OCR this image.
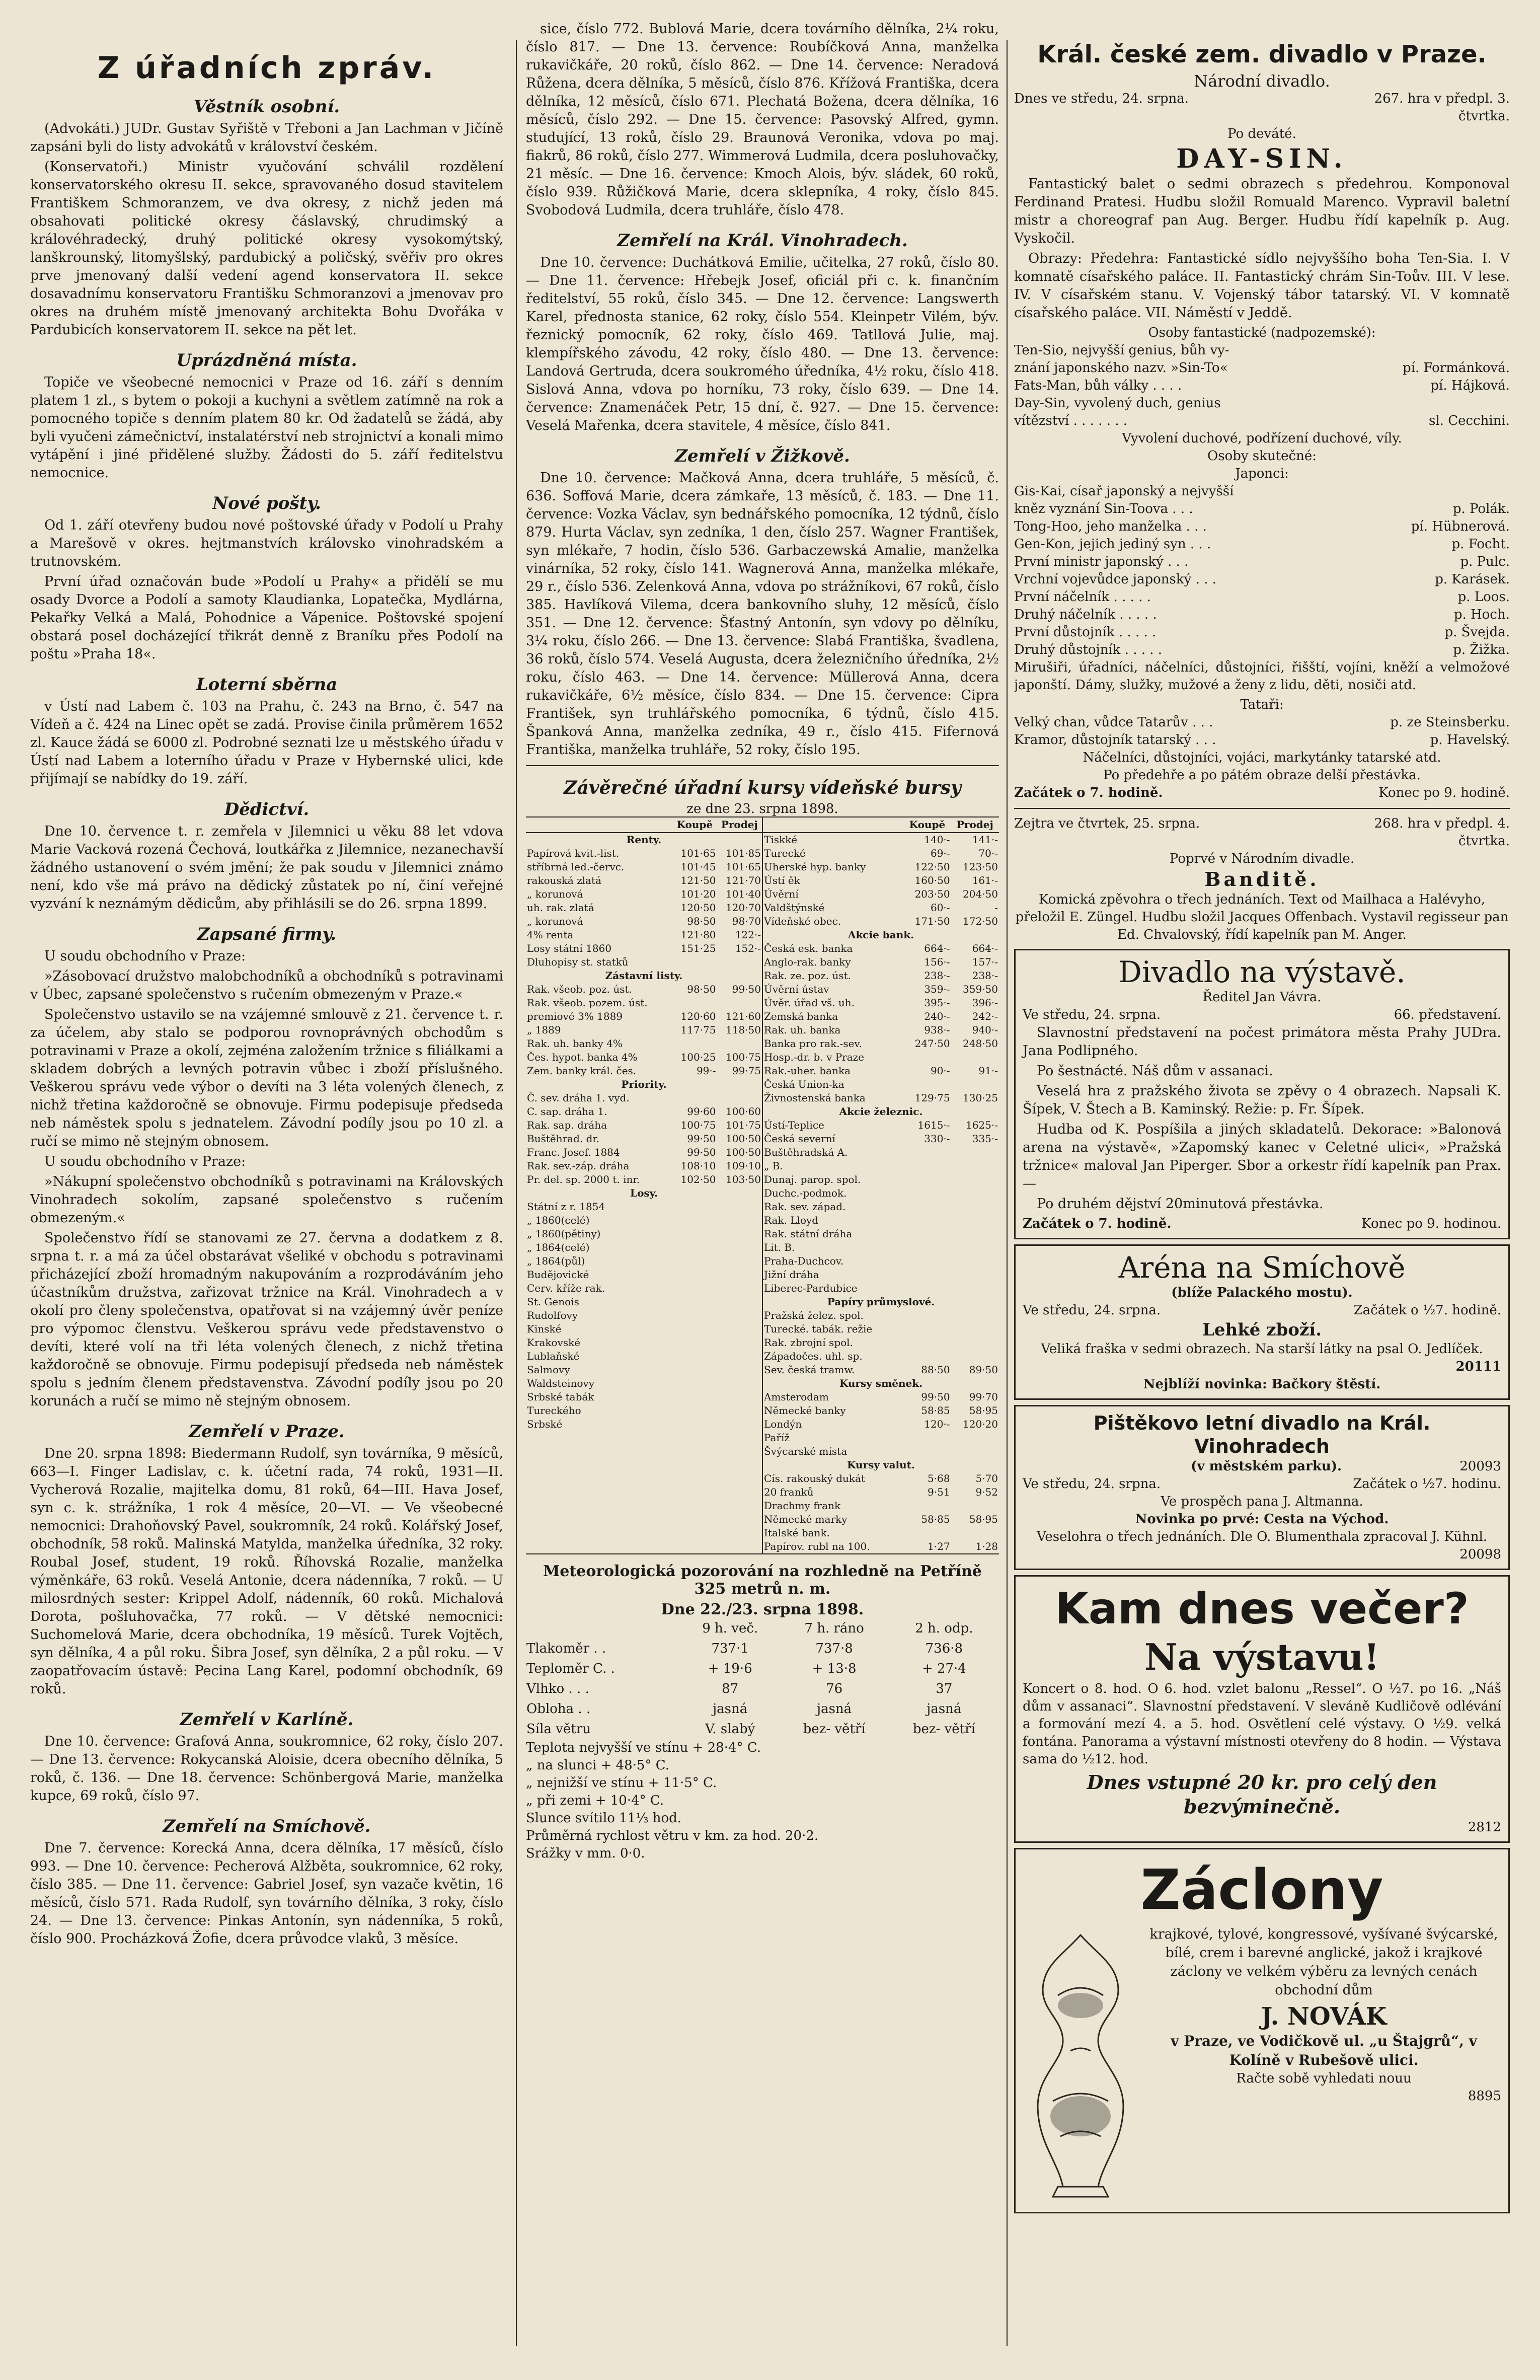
Z úřadních zpráv.
Věstník osobní.

(Advokáti.) JUDr. Gustav Syřiště v Třeboni a Jan Lachman v Jičíně zapsáni byli do listy advokátů v království českém.

(Konservatoři.) Ministr vyučování schválil rozdělení konservatorského okresu II. sekce, spravovaného dosud stavitelem Františkem Schmoranzem, ve dva okresy, z nichž jeden má obsahovati politické okresy čáslavský, chrudimský a královéhradecký, druhý politické okresy vysokomýtský, lanškrounský, litomyšlský, pardubický a poličský, svěřiv pro okres prve jmenovaný další vedení agend konservatora II. sekce dosavadnímu konservatoru Františku Schmoranzovi a jmenovav pro okres na druhém místě jmenovaný architekta Bohu Dvořáka v Pardubicích konservatorem II. sekce na pět let.

Uprázdněná místa.

Topiče ve všeobecné nemocnici v Praze od 16. září s denním platem 1 zl., s bytem o pokoji a kuchyni a světlem zatímně na rok a pomocného topiče s denním platem 80 kr. Od žadatelů se žádá, aby byli vyučeni zámečnictví, instalatérství neb strojnictví a konali mimo vytápění i jiné přidělené služby. Žádosti do 5. září ředitelstvu nemocnice.

Nové pošty.

Od 1. září otevřeny budou nové poštovské úřady v Podolí u Prahy a Marešově v okres. hejtmanstvích královsko vinohradském a trutnovském.

První úřad označován bude »Podolí u Prahy« a přidělí se mu osady Dvorce a Podolí a samoty Klaudianka, Lopatečka, Mydlárna, Pekařky Velká a Malá, Pohodnice a Vápenice. Poštovské spojení obstará posel docházející třikrát denně z Braníku přes Podolí na poštu »Praha 18«.

Loterní sběrna

v Ústí nad Labem č. 103 na Prahu, č. 243 na Brno, č. 547 na Vídeň a č. 424 na Linec opět se zadá. Provise činila průměrem 1652 zl. Kauce žádá se 6000 zl. Podrobné seznati lze u městského úřadu v Ústí nad Labem a loterního úřadu v Praze v Hybernské ulici, kde přijímají se nabídky do 19. září.

Dědictví.

Dne 10. července t. r. zemřela v Jilemnici u věku 88 let vdova Marie Vacková rozená Čechová, loutkářka z Jilemnice, nezanechavší žádného ustanovení o svém jmění; že pak soudu v Jilemnici známo není, kdo vše má právo na dědický zůstatek po ní, činí veřejné vyzvání k neznámým dědicům, aby přihlásili se do 26. srpna 1899.

Zapsané firmy.

U soudu obchodního v Praze:

»Zásobovací družstvo malobchodníků a obchodníků s potravinami v Úbec, zapsané společenstvo s ručením obmezeným v Praze.«

Společenstvo ustavilo se na vzájemné smlouvě z 21. července t. r. za účelem, aby stalo se podporou rovnoprávných obchodům s potravinami v Praze a okolí, zejména založením tržnice s filiálkami a skladem dobrých a levných potravin vůbec i zboží příslušného. Veškerou správu vede výbor o devíti na 3 léta volených členech, z nichž třetina každoročně se obnovuje. Firmu podepisuje předseda neb náměstek spolu s jednatelem. Závodní podíly jsou po 10 zl. a ručí se mimo ně stejným obnosem.

U soudu obchodního v Praze:

»Nákupní společenstvo obchodníků s potravinami na Královských Vinohradech sokolím, zapsané společenstvo s ručením obmezeným.«

Společenstvo řídí se stanovami ze 27. června a dodatkem z 8. srpna t. r. a má za účel obstarávat všeliké v obchodu s potravinami přicházející zboží hromadným nakupováním a rozprodáváním jeho účastníkům družstva, zařizovat tržnice na Král. Vinohradech a v okolí pro členy společenstva, opatřovat si na vzájemný úvěr peníze pro výpomoc členstvu. Veškerou správu vede představenstvo o devíti, které volí na tři léta volených členech, z nichž třetina každoročně se obnovuje. Firmu podepisují předseda neb náměstek spolu s jedním členem představenstva. Závodní podíly jsou po 20 korunách a ručí se mimo ně stejným obnosem.

Zemřelí v Praze.

Dne 20. srpna 1898: Biedermann Rudolf, syn továrníka, 9 měsíců, 663—I. Finger Ladislav, c. k. účetní rada, 74 roků, 1931—II. Vycherová Rozalie, majitelka domu, 81 roků, 64—III. Hava Josef, syn c. k. strážníka, 1 rok 4 měsíce, 20—VI. — Ve všeobecné nemocnici: Drahoňovský Pavel, soukromník, 24 roků. Kolářský Josef, obchodník, 58 roků. Malinská Matylda, manželka úředníka, 32 roky. Roubal Josef, student, 19 roků. Říhovská Rozalie, manželka výměnkáře, 63 roků. Veselá Antonie, dcera nádenníka, 7 roků. — U milosrdných sester: Krippel Adolf, nádenník, 60 roků. Michalová Dorota, pošluhovačka, 77 roků. — V dětské nemocnici: Suchomelová Marie, dcera obchodníka, 19 měsíců. Turek Vojtěch, syn dělníka, 4 a půl roku. Šibra Josef, syn dělníka, 2 a půl roku. — V zaopatřovacím ústavě: Pecina Lang Karel, podomní obchodník, 69 roků.

Zemřelí v Karlíně.

Dne 10. července: Grafová Anna, soukromnice, 62 roky, číslo 207. — Dne 13. července: Rokycanská Aloisie, dcera obecního dělníka, 5 roků, č. 136. — Dne 18. července: Schönbergová Marie, manželka kupce, 69 roků, číslo 97.

Zemřelí na Smíchově.

Dne 7. července: Korecká Anna, dcera dělníka, 17 měsíců, číslo 993. — Dne 10. července: Pecherová Alžběta, soukromnice, 62 roky, číslo 385. — Dne 11. července: Gabriel Josef, syn vazače květin, 16 měsíců, číslo 571. Rada Rudolf, syn továrního dělníka, 3 roky, číslo 24. — Dne 13. července: Pinkas Antonín, syn nádenníka, 5 roků, číslo 900. Procházková Žofie, dcera průvodce vlaků, 3 měsíce.

sice, číslo 772. Bublová Marie, dcera továrního dělníka, 2¼ roku, číslo 817. — Dne 13. července: Roubíčková Anna, manželka rukavičkáře, 20 roků, číslo 862. — Dne 14. července: Neradová Růžena, dcera dělníka, 5 měsíců, číslo 876. Křížová Františka, dcera dělníka, 12 měsíců, číslo 671. Plechatá Božena, dcera dělníka, 16 měsíců, číslo 292. — Dne 15. července: Pasovský Alfred, gymn. studující, 13 roků, číslo 29. Braunová Veronika, vdova po maj. fiakrů, 86 roků, číslo 277. Wimmerová Ludmila, dcera posluhovačky, 21 měsíc. — Dne 16. července: Kmoch Alois, býv. sládek, 60 roků, číslo 939. Růžičková Marie, dcera sklepníka, 4 roky, číslo 845. Svobodová Ludmila, dcera truhláře, číslo 478.

Zemřelí na Král. Vinohradech.

Dne 10. července: Duchátková Emilie, učitelka, 27 roků, číslo 80. — Dne 11. července: Hřebejk Josef, oficiál při c. k. finančním ředitelství, 55 roků, číslo 345. — Dne 12. července: Langswerth Karel, přednosta stanice, 62 roky, číslo 554. Kleinpetr Vilém, býv. řeznický pomocník, 62 roky, číslo 469. Tatllová Julie, maj. klempířského závodu, 42 roky, číslo 480. — Dne 13. července: Landová Gertruda, dcera soukromého úředníka, 4½ roku, číslo 418. Sislová Anna, vdova po horníku, 73 roky, číslo 639. — Dne 14. července: Znamenáček Petr, 15 dní, č. 927. — Dne 15. července: Veselá Mařenka, dcera stavitele, 4 měsíce, číslo 841.

Zemřelí v Žižkově.

Dne 10. července: Mačková Anna, dcera truhláře, 5 měsíců, č. 636. Soffová Marie, dcera zámkaře, 13 měsíců, č. 183. — Dne 11. července: Vozka Václav, syn bednářského pomocníka, 12 týdnů, číslo 879. Hurta Václav, syn zedníka, 1 den, číslo 257. Wagner František, syn mlékaře, 7 hodin, číslo 536. Garbaczewská Amalie, manželka vinárníka, 52 roky, číslo 141. Wagnerová Anna, manželka mlékaře, 29 r., číslo 536. Zelenková Anna, vdova po strážníkovi, 67 roků, číslo 385. Havlíková Vilema, dcera bankovního sluhy, 12 měsíců, číslo 351. — Dne 12. července: Šťastný Antonín, syn vdovy po dělníku, 3¼ roku, číslo 266. — Dne 13. července: Slabá Františka, švadlena, 36 roků, číslo 574. Veselá Augusta, dcera železničního úředníka, 2½ roku, číslo 463. — Dne 14. července: Müllerová Anna, dcera rukavičkáře, 6½ měsíce, číslo 834. — Dne 15. července: Cipra František, syn truhlářského pomocníka, 6 týdnů, číslo 415. Španková Anna, manželka zedníka, 49 r., číslo 415. Fifernová Františka, manželka truhláře, 52 roky, číslo 195.

Závěrečné úřadní kursy vídeňské bursy
ze dne 23. srpna 1898.
	Koupě	Prodej
Renty.		
Papírová kvit.-list.	101·65	101·85
stříbrná led.-červc.	101·45	101·65
rakouská zlatá	121·50	121·70
„ korunová	101·20	101·40
uh. rak. zlatá	120·50	120·70
„ korunová	98·50	98·70
4% renta	121·80	122·-
Losy státní 1860	151·25	152·-
Dluhopisy st. statků		
Zástavní listy.		
Rak. všeob. poz. úst.	98·50	99·50
Rak. všeob. pozem. úst.		
premiové 3% 1889	120·60	121·60
„ 1889	117·75	118·50
Rak. uh. banky 4%		
Čes. hypot. banka 4%	100·25	100·75
Zem. banky král. čes.	99·-	99·75
Priority.		
Č. sev. dráha 1. vyd.		
C. sap. dráha 1.	99·60	100·60
Rak. sap. dráha	100·75	101·75
Buštěhrad. dr.	99·50	100·50
Franc. Josef. 1884	99·50	100·50
Rak. sev.-záp. dráha	108·10	109·10
Pr. del. sp. 2000 t. inr.	102·50	103·50
Losy.		
Státní z r. 1854		
„ 1860(celé)		
„ 1860(pětiny)		
„ 1864(celé)		
„ 1864(půl)		
Budějovické		
Cerv. kříže rak.		
St. Genois		
Rudolfovy		
Kinské		
Krakovské		
Lublaňské		
Salmovy		
Waldsteinovy		
Srbské tabák		
Tureckého		
Srbské		
	Koupě	Prodej
Tiskké	140·-	141·-
Turecké	69·-	70·-
Uherské hyp. banky	122·50	123·50
Ústí ěk	160·50	161·-
Úvěrní	203·50	204·50
Valdštýnské	60·-	-
Vídeňské obec.	171·50	172·50
Akcie bank.		
Česká esk. banka	664·-	664·-
Anglo-rak. banky	156·-	157·-
Rak. ze. poz. úst.	238·-	238·-
Úvěrní ústav	359·-	359·50
Úvěr. úřad vš. uh.	395·-	396·-
Zemská banka	240·-	242·-
Rak. uh. banka	938·-	940·-
Banka pro rak.-sev.	247·50	248·50
Hosp.-dr. b. v Praze		
Rak.-uher. banka	90·-	91·-
Česká Union-ka		
Živnostenská banka	129·75	130·25
Akcie železnic.		
Ústí-Teplice	1615·-	1625·-
Česká severní	330·-	335·-
Buštěhradská A.		
„ B.		
Dunaj. parop. spol.		
Duchc.-podmok.		
Rak. sev. západ.		
Rak. Lloyd		
Rak. státní dráha		
Lit. B.		
Praha-Duchcov.		
Jižní dráha		
Liberec-Pardubice		
Papíry průmyslové.		
Pražská želez. spol.		
Turecké. tabák. režie		
Rak. zbrojní spol.		
Západočes. uhl. sp.		
Sev. česká tramw.	88·50	89·50
Kursy směnek.		
Amsterodam	99·50	99·70
Německé banky	58·85	58·95
Londýn	120·-	120·20
Paříž		
Švýcarské místa		
Kursy valut.		
Cís. rakouský dukát	5·68	5·70
20 franků	9·51	9·52
Drachmy frank		
Německé marky	58·85	58·95
Italské bank.		
Papírov. rubl na 100.	1·27	1·28
Meteorologická pozorování na rozhledně na Petříně 325 metrů n. m.
Dne 22./23. srpna 1898.
	9 h. več.	7 h. ráno	2 h. odp.
Tlakoměr . .	737·1	737·8	736·8
Teploměr C. .	+ 19·6	+ 13·8	+ 27·4
Vlhko . . .	87	76	37
Obloha . .	jasná	jasná	jasná
Síla větru	V. slabý	bez- větří	bez- větří
Teplota nejvyšší ve stínu + 28·4° C.
„ na slunci + 48·5° C.
„ nejnižší ve stínu + 11·5° C.
„ při zemi + 10·4° C.
Slunce svítilo 11⅓ hod.
Průměrná rychlost větru v km. za hod. 20·2.
Srážky v mm. 0·0.
Král. české zem. divadlo v Praze.
Národní divadlo.
Dnes ve středu, 24. srpna.	267. hra v předpl. 3. čtvrtka.
Po deváté.
DAY-SIN.

Fantastický balet o sedmi obrazech s předehrou. Komponoval Ferdinand Pratesi. Hudbu složil Romuald Marenco. Vypravil baletní mistr a choreograf pan Aug. Berger. Hudbu řídí kapelník p. Aug. Vyskočil.

Obrazy: Předehra: Fantastické sídlo nejvyššího boha Ten-Sia. I. V komnatě císařského paláce. II. Fantastický chrám Sin-Toův. III. V lese. IV. V císařském stanu. V. Vojenský tábor tatarský. VI. V komnatě císařského paláce. VII. Náměstí v Jeddě.

Osoby fantastické (nadpozemské):
Ten-Sio, nejvyšší genius, bůh vy-
znání japonského nazv. »Sin-To«	pí. Formánková.
Fats-Man, bůh války . . . .	pí. Hájková.
Day-Sin, vyvolený duch, genius
vítězství . . . . . . .	sl. Cecchini.
Vyvolení duchové, podřízení duchové, víly.
Osoby skutečné:
Japonci:
Gis-Kai, císař japonský a nejvyšší
kněz vyznání Sin-Toova . . .	p. Polák.
Tong-Hoo, jeho manželka . . .	pí. Hübnerová.
Gen-Kon, jejich jediný syn . . .	p. Focht.
První ministr japonský . . .	p. Pulc.
Vrchní vojevůdce japonský . . .	p. Karásek.
První náčelník . . . . .	p. Loos.
Druhý náčelník . . . . .	p. Hoch.
První důstojník . . . . .	p. Švejda.
Druhý důstojník . . . . .	p. Žižka.

Mirušiři, úřadníci, náčelníci, důstojníci, řišští, vojíni, kněží a velmožové japonští. Dámy, služky, mužové a ženy z lidu, děti, nosiči atd.

Tataři:
Velký chan, vůdce Tatarův . . .	p. ze Steinsberku.
Kramor, důstojník tatarský . . .	p. Havelský.
Náčelníci, důstojníci, vojáci, markytánky tatarské atd.
Po předehře a po pátém obraze delší přestávka.
Začátek o 7. hodině.	Konec po 9. hodině.
Zejtra ve čtvrtek, 25. srpna.	268. hra v předpl. 4. čtvrtka.
Poprvé v Národním divadle.
Banditě.

Komická zpěvohra o třech jednáních. Text od Mailhaca a Halévyho, přeložil E. Züngel. Hudbu složil Jacques Offenbach. Vystavil regisseur pan Ed. Chvalovský, řídí kapelník pan M. Anger.

Divadlo na výstavě.
Ředitel Jan Vávra.
Ve středu, 24. srpna.	66. představení.

Slavnostní představení na počest primátora města Prahy JUDra. Jana Podlipného.

Po šestnácté. Náš dům v assanaci.

Veselá hra z pražského života se zpěvy o 4 obrazech. Napsali K. Šípek, V. Štech a B. Kaminský. Režie: p. Fr. Šípek.

Hudba od K. Pospíšila a jiných skladatelů. Dekorace: »Balonová arena na výstavě«, »Zapomský kanec v Celetné ulici«, »Pražská tržnice« maloval Jan Piperger. Sbor a orkestr řídí kapelník pan Prax. —

Po druhém dějství 20minutová přestávka.

Začátek o 7. hodině.	Konec po 9. hodinou.
Aréna na Smíchově
(blíže Palackého mostu).
Ve středu, 24. srpna.	Začátek o ½7. hodině.
Lehké zboží.
Veliká fraška v sedmi obrazech. Na starší látky na psal O. Jedlíček.
20111
Nejblíží novinka: Bačkory štěstí.
Pištěkovo letní divadlo na Král. Vinohradech
(v městském parku).	20093
Ve středu, 24. srpna.	Začátek o ½7. hodinu.
Ve prospěch pana J. Altmanna.
Novinka po prvé: Cesta na Východ.
Veselohra o třech jednáních. Dle O. Blumenthala zpracoval J. Kühnl.
20098
Kam dnes večer?
Na výstavu!

Koncert o 8. hod. O 6. hod. vzlet balonu „Ressel“. O ½7. po 16. „Náš dům v assanaci“. Slavnostní představení. V sleváně Kudličově odlévání a formování mezí 4. a 5. hod. Osvětlení celé výstavy. O ½9. velká fontána. Panorama a výstavní místnosti otevřeny do 8 hodin. — Výstava sama do ½12. hod.

Dnes vstupné 20 kr. pro celý den bezvýminečně.
2812
Záclony

krajkové, tylové, kongressové, vyšívané švýcarské, bílé, crem i barevné anglické, jakož i krajkové záclony ve velkém výběru za levných cenách obchodní dům

J. NOVÁK
v Praze, ve Vodičkově ul. „u Štajgrů“, v Kolíně v Rubešově ulici.
Račte sobě vyhledati nouu
8895
